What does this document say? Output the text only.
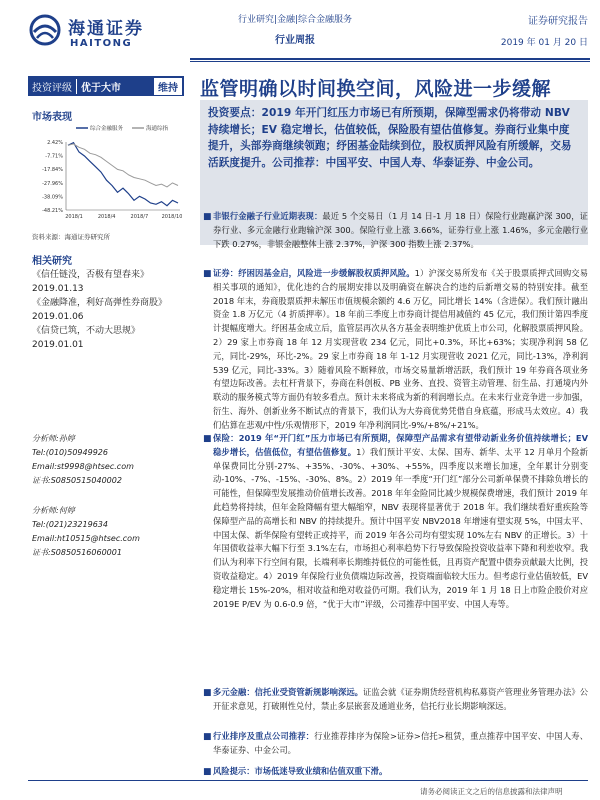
海通证券
HAITONG
行业研究|金融|综合金融服务
行业周报
证券研究报告
2019 年 01 月 20 日
投资评级 优于大市	维持 监管明确以时间换空间，风险进一步缓解
市场表现
综合金融服务	海通综指
2.42%
-7.71%
-17.84%
-27.96%
-38.09%
-48.21%
2018/1	2018/4	2018/7	2018/10
资料来源：海通证券研究所
相关研究
《信任链没，否极有望春来》2019.01.13
《金融降准，利好高弹性券商股》2019.01.06
《信贷已筑，不动大思规》2019.01.01
分析师:孙婷
Tel:(010)50949926
Email:st9998@htsec.com
证书:S0850515040002
分析师:何婷
Tel:(021)23219634
Email:ht10515@htsec.com
证书:S0850516060001

投资要点：2019 年开门红压力市场已有所预期，保障型需求仍将带动 NBV 持续增长；EV 稳定增长，估值较低，保险股有望估值修复。券商行业集中度提升，头部券商继续领跑；纾困基金陆续到位，股权质押风险有所缓解，交易活跃度提升。公司推荐：中国平安、中国人寿、华泰证券、中金公司。

■ 非银行金融子行业近期表现：最近 5 个交易日（1 月 14 日-1 月 18 日）保险行业跑赢沪深 300，证券行业、多元金融行业跑输沪深 300。保险行业上涨 3.66%，证券行业上涨 1.46%，多元金融行业下跌 0.27%，非银金融整体上涨 2.37%，沪深 300 指数上涨 2.37%。

■ 证券：纾困因基金启，风险进一步缓解股权质押风险。1）沪深交易所发布《关于股票质押式回购交易相关事项的通知》，优化违约合约展期安排以及明确资在解决合约违约后新增交易的特别安排。截至 2018 年末，券商股票质押未解压市值规模余额约 4.6 万亿，同比增长 14%（含进保）。我们预计融出资金 1.8 万亿元（4 折质押率）。18 年前三季度上市券商计提信用减值约 45 亿元，我们预计第四季度计提幅度增大。纾困基金成立后，监管层再次从各方基金表明维护优质上市公司，化解股票质押风险。2）29 家上市券商 18 年 12 月实现营收 234 亿元，同比+0.3%，环比+63%；实现净利润 58 亿元，同比-29%，环比-2%。29 家上市券商 18 年 1-12 月实现营收 2021 亿元，同比-13%，净利润 539 亿元，同比-33%。3）随着风险不断释放，市场交易量新增活跃，我们预计 19 年券商各项业务有望边际改善。去杠杆背景下，券商在科创板、PB 业务、直投、资管主动管理、衍生品、打通境内外联动的服务模式等方面仍有较多看点。预计未来将成为新的利润增长点。在未来行业竞争进一步加强，衍生、海外、创新业务不断试点的背景下，我们认为大券商优势凭借自身底蕴，形成马太效应。4）我们估算在悲观/中性/乐观情形下，2019 年净利润同比-9%/+8%/+21%。

■ 保险：2019 年“开门红”压力市场已有所预期，保障型产品需求有望带动新业务价值持续增长；EV 稳步增长，估值低位，有望估值修复。1）我们预计平安、太保、国寿、新华、太平 12 月单月个险新单保费同比分别-27%、+35%、-30%、+30%、+55%，四季度以来增长加速，全年累计分别变动-10%、-7%、-15%、-30%、8%。2）2019 年一季度“开门红”部分公司新单保费不排除负增长的可能性，但保障型发展推动价值增长改善。2018 年年金险同比减少规模保费增速，我们预计 2019 年此趋势将持续，但年金险降幅有望大幅缩窄，NBV 表现将显著优于 2018 年。我们继续看好重疾险等保障型产品的高增长和 NBV 的持续提升。预计中国平安 NBV2018 年增速有望实现 5%，中国太平、中国太保、新华保险有望转正或持平，而 2019 年各公司均有望实现 10%左右 NBV 的正增长。3）十年国债收益率大幅下行至 3.1%左右，市场担心利率趋势下行导致保险投资收益率下降和利差收窄。我们认为利率下行空间有限，长端利率长期维持低位的可能性低，且再资产配置中债券贡献最大比例，投资收益稳定。4）2019 年保险行业负债端边际改善，投资端面临较大压力。但考虑行业估值较低，EV 稳定增长 15%-20%，相对收益和绝对收益仍可期。我们认为，2019 年 1 月 18 日上市险企股价对应 2019E P/EV 为 0.6-0.9 倍，“优于大市”评级，公司推荐中国平安、中国人寿等。

■ 多元金融：信托业受资管新规影响深远。证监会就《证券期货经营机构私募资产管理业务管理办法》公开征求意见，打破刚性兑付，禁止多层嵌套及通道业务，信托行业长期影响深远。

■ 行业排序及重点公司推荐：行业推荐排序为保险>证券>信托>租赁，重点推荐中国平安、中国人寿、华泰证券、中金公司。

■ 风险提示：市场低迷导致业绩和估值双重下滑。

请务必阅读正文之后的信息披露和法律声明
